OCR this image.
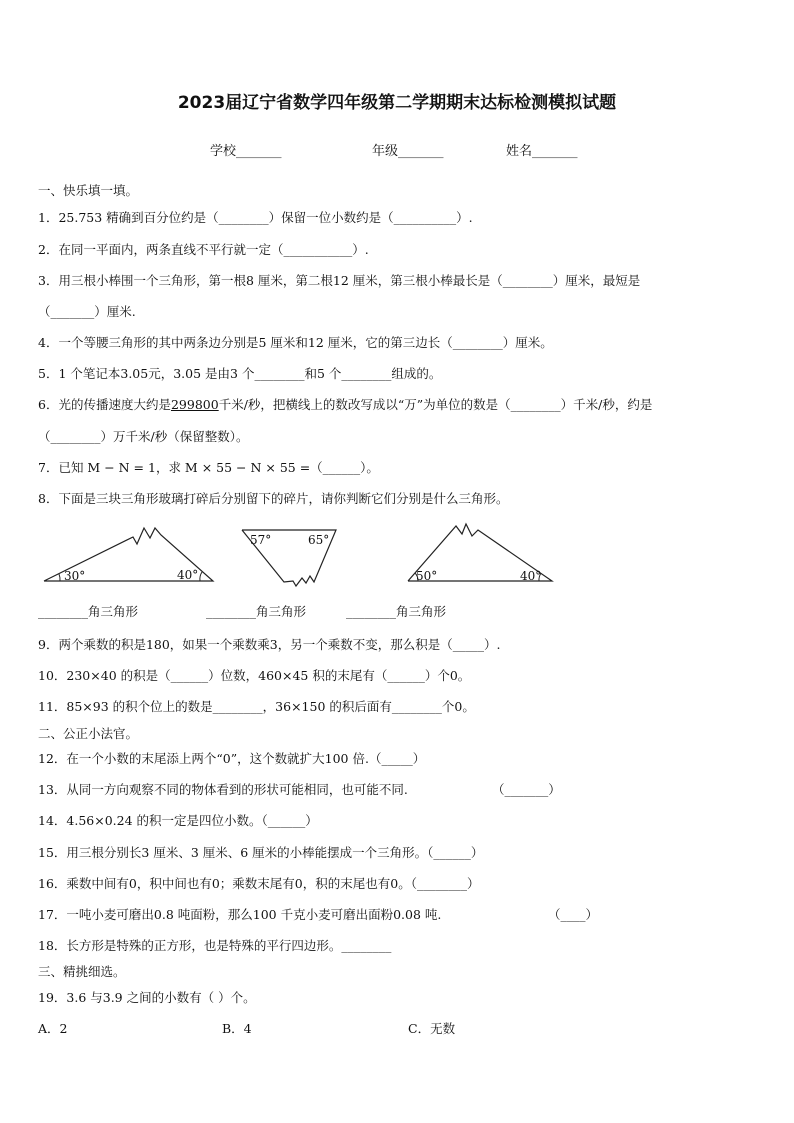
2023届辽宁省数学四年级第二学期期末达标检测模拟试题
学校_______	年级_______	姓名_______
一、快乐填一填。
1．25.753 精确到百分位约是（________）保留一位小数约是（__________）.
2．在同一平面内，两条直线不平行就一定（___________）.
3．用三根小棒围一个三角形，第一根8 厘米，第二根12 厘米，第三根小棒最长是（________）厘米，最短是
（_______）厘米.
4．一个等腰三角形的其中两条边分别是5 厘米和12 厘米，它的第三边长（________）厘米。
5．1 个笔记本3.05元，3.05 是由3 个________和5 个________组成的。
6．光的传播速度大约是299800千米/秒，把横线上的数改写成以“万”为单位的数是（________）千米/秒，约是
（________）万千米/秒（保留整数）。
7．已知 M − N = 1，求 M × 55 − N × 55 =（______）。
8．下面是三块三角形玻璃打碎后分别留下的碎片，请你判断它们分别是什么三角形。
30°	40°
57°	65°
50°	40°
________角三角形	________角三角形	________角三角形
9．两个乘数的积是180，如果一个乘数乘3，另一个乘数不变，那么积是（_____）.
10．230×40 的积是（______）位数，460×45 积的末尾有（______）个0。
11．85×93 的积个位上的数是________，36×150 的积后面有________个0。
二、公正小法官。
12．在一个小数的末尾添上两个“0”，这个数就扩大100 倍.（_____）
13．从同一方向观察不同的物体看到的形状可能相同，也可能不同.	（_______）
14．4.56×0.24 的积一定是四位小数。（______）
15．用三根分别长3 厘米、3 厘米、6 厘米的小棒能摆成一个三角形。（______）
16．乘数中间有0，积中间也有0；乘数末尾有0，积的末尾也有0。（________）
17．一吨小麦可磨出0.8 吨面粉，那么100 千克小麦可磨出面粉0.08 吨.	（____）
18．长方形是特殊的正方形，也是特殊的平行四边形。________
三、精挑细选。
19．3.6 与3.9 之间的小数有（ ）个。
A．2	B．4	C．无数
